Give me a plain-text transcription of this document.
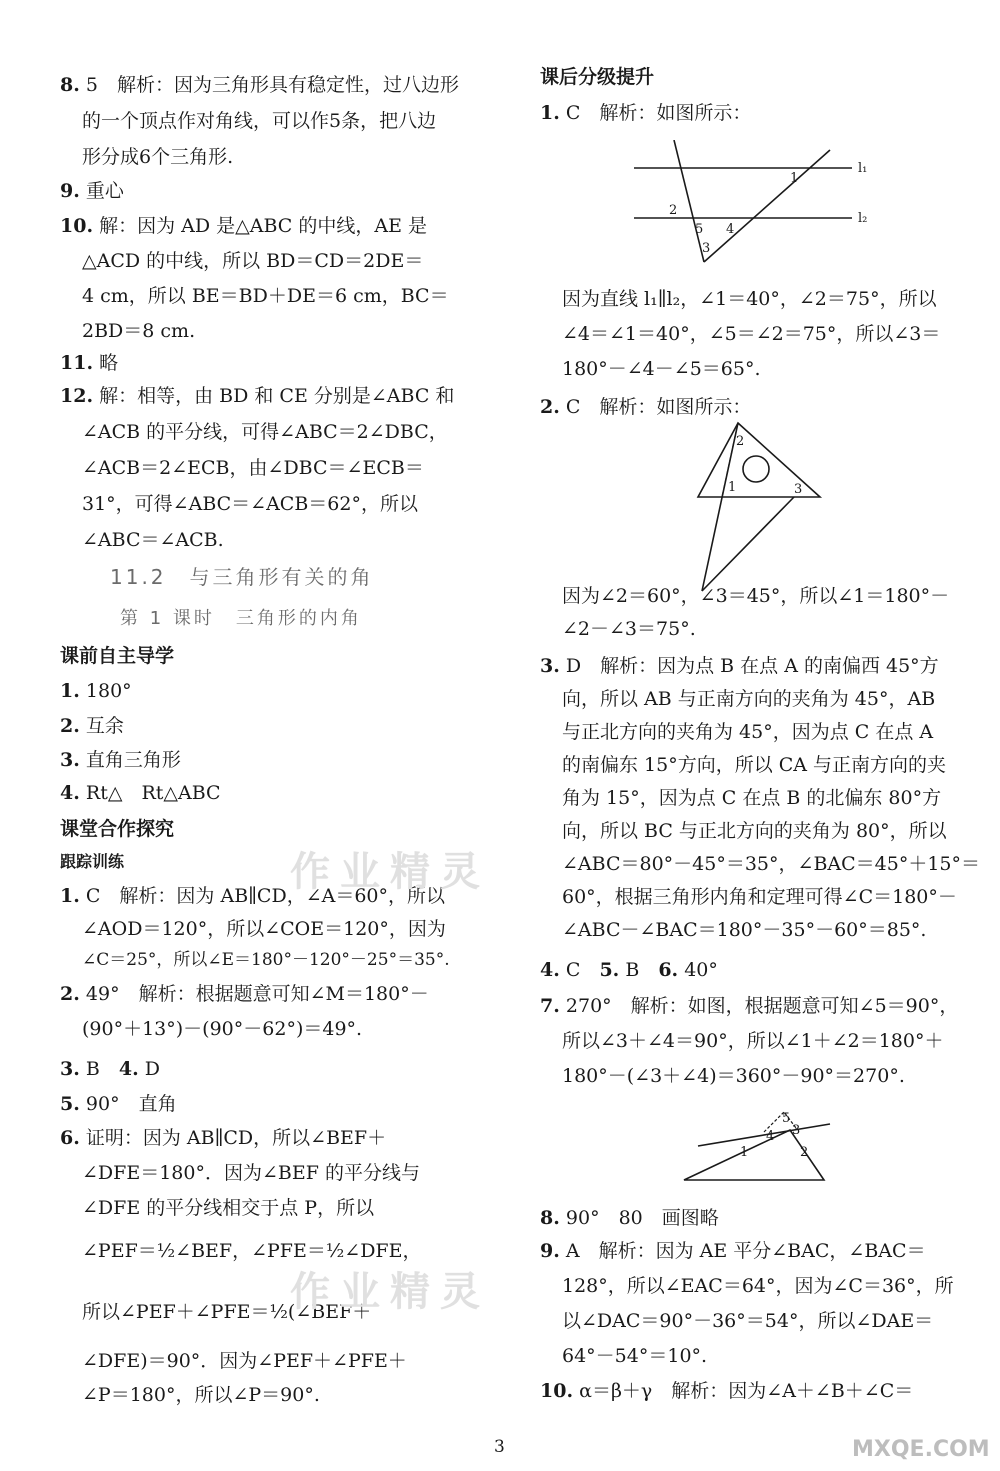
8. 5　解析：因为三角形具有稳定性，过八边形
的一个顶点作对角线，可以作5条，把八边
形分成6个三角形.
9. 重心
10. 解：因为 AD 是△ABC 的中线，AE 是
△ACD 的中线，所以 BD＝CD＝2DE＝
4 cm，所以 BE＝BD＋DE＝6 cm，BC＝
2BD＝8 cm.
11. 略
12. 解：相等，由 BD 和 CE 分别是∠ABC 和
∠ACB 的平分线，可得∠ABC＝2∠DBC，
∠ACB＝2∠ECB，由∠DBC＝∠ECB＝
31°，可得∠ABC＝∠ACB＝62°，所以
∠ABC＝∠ACB.
11.2　与三角形有关的角
第 1 课时　三角形的内角
课前自主导学
1. 180°
2. 互余
3. 直角三角形
4. Rt△　Rt△ABC
课堂合作探究
跟踪训练
1. C　解析：因为 AB∥CD，∠A＝60°，所以
∠AOD＝120°，所以∠COE＝120°，因为
∠C＝25°，所以∠E＝180°－120°－25°＝35°.
2. 49°　解析：根据题意可知∠M＝180°－
(90°＋13°)－(90°－62°)＝49°.
3. B　 4. D
5. 90°　直角
6. 证明：因为 AB∥CD，所以∠BEF＋
∠DFE＝180°．因为∠BEF 的平分线与
∠DFE 的平分线相交于点 P，所以
∠PEF＝½∠BEF，∠PFE＝½∠DFE，
所以∠PEF＋∠PFE＝½(∠BEF＋
∠DFE)＝90°．因为∠PEF＋∠PFE＋
∠P＝180°，所以∠P＝90°.
课后分级提升
1. C　解析：如图所示：
l₁
l₂
1
2
3
4
5
因为直线 l₁∥l₂，∠1＝40°，∠2＝75°，所以
∠4＝∠1＝40°，∠5＝∠2＝75°，所以∠3＝
180°－∠4－∠5＝65°.
2. C　解析：如图所示：
1
2
3
因为∠2＝60°，∠3＝45°，所以∠1＝180°－
∠2－∠3＝75°.
3. D　解析：因为点 B 在点 A 的南偏西 45°方
向，所以 AB 与正南方向的夹角为 45°，AB
与正北方向的夹角为 45°，因为点 C 在点 A
的南偏东 15°方向，所以 CA 与正南方向的夹
角为 15°，因为点 C 在点 B 的北偏东 80°方
向，所以 BC 与正北方向的夹角为 80°，所以
∠ABC＝80°－45°＝35°，∠BAC＝45°＋15°＝
60°，根据三角形内角和定理可得∠C＝180°－
∠ABC－∠BAC＝180°－35°－60°＝85°.
4. C　 5. B　 6. 40°
7. 270°　解析：如图，根据题意可知∠5＝90°，
所以∠3＋∠4＝90°，所以∠1＋∠2＝180°＋
180°－(∠3＋∠4)＝360°－90°＝270°.
1	2
3
4
5
8. 90°　80　画图略
9. A　解析：因为 AE 平分∠BAC，∠BAC＝
128°，所以∠EAC＝64°，因为∠C＝36°，所
以∠DAC＝90°－36°＝54°，所以∠DAE＝
64°－54°＝10°.
10. α＝β＋γ　解析：因为∠A＋∠B＋∠C＝
作业精灵
作业精灵
3	MXQE.COM
